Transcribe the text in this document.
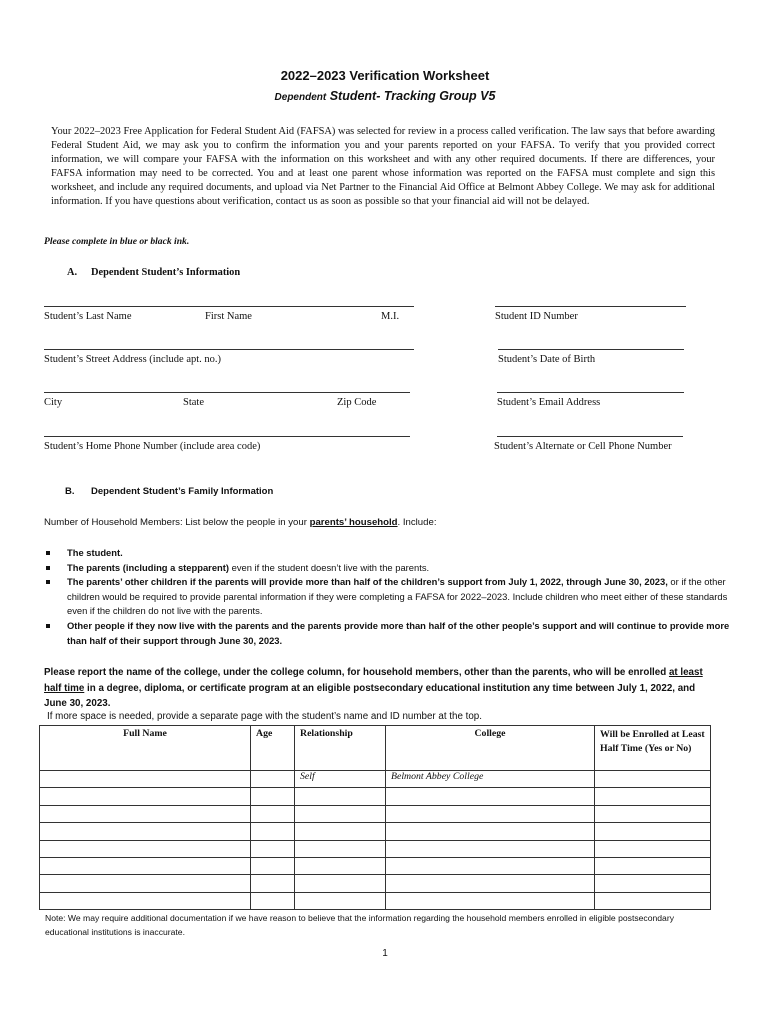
2022–2023 Verification Worksheet
Dependent Student- Tracking Group V5
Your 2022–2023 Free Application for Federal Student Aid (FAFSA) was selected for review in a process called verification. The law says that before awarding Federal Student Aid, we may ask you to confirm the information you and your parents reported on your FAFSA. To verify that you provided correct information, we will compare your FAFSA with the information on this worksheet and with any other required documents. If there are differences, your FAFSA information may need to be corrected. You and at least one parent whose information was reported on the FAFSA must complete and sign this worksheet, and include any required documents, and upload via Net Partner to the Financial Aid Office at Belmont Abbey College. We may ask for additional information. If you have questions about verification, contact us as soon as possible so that your financial aid will not be delayed.
Please complete in blue or black ink.
A. Dependent Student’s Information
Student’s Last Name	First Name	M.I.	Student ID Number
Student’s Street Address (include apt. no.)	Student’s Date of Birth
City	State	Zip Code	Student’s Email Address
Student’s Home Phone Number (include area code)	Student’s Alternate or Cell Phone Number
B. Dependent Student’s Family Information
Number of Household Members: List below the people in your parents’ household. Include:
The student.
The parents (including a stepparent) even if the student doesn’t live with the parents.
The parents’ other children if the parents will provide more than half of the children’s support from July 1, 2022, through June 30, 2023, or if the other children would be required to provide parental information if they were completing a FAFSA for 2022–2023. Include children who meet either of these standards even if the children do not live with the parents.
Other people if they now live with the parents and the parents provide more than half of the other people’s support and will continue to provide more than half of their support through June 30, 2023.
Please report the name of the college, under the college column, for household members, other than the parents, who will be enrolled at least half time in a degree, diploma, or certificate program at an eligible postsecondary educational institution any time between July 1, 2022, and June 30, 2023.
If more space is needed, provide a separate page with the student’s name and ID number at the top.
Full Name	Age	Relationship	College	Will be Enrolled at Least Half Time (Yes or No)
		Self	Belmont Abbey College	

Note: We may require additional documentation if we have reason to believe that the information regarding the household members enrolled in eligible postsecondary educational institutions is inaccurate.
1
